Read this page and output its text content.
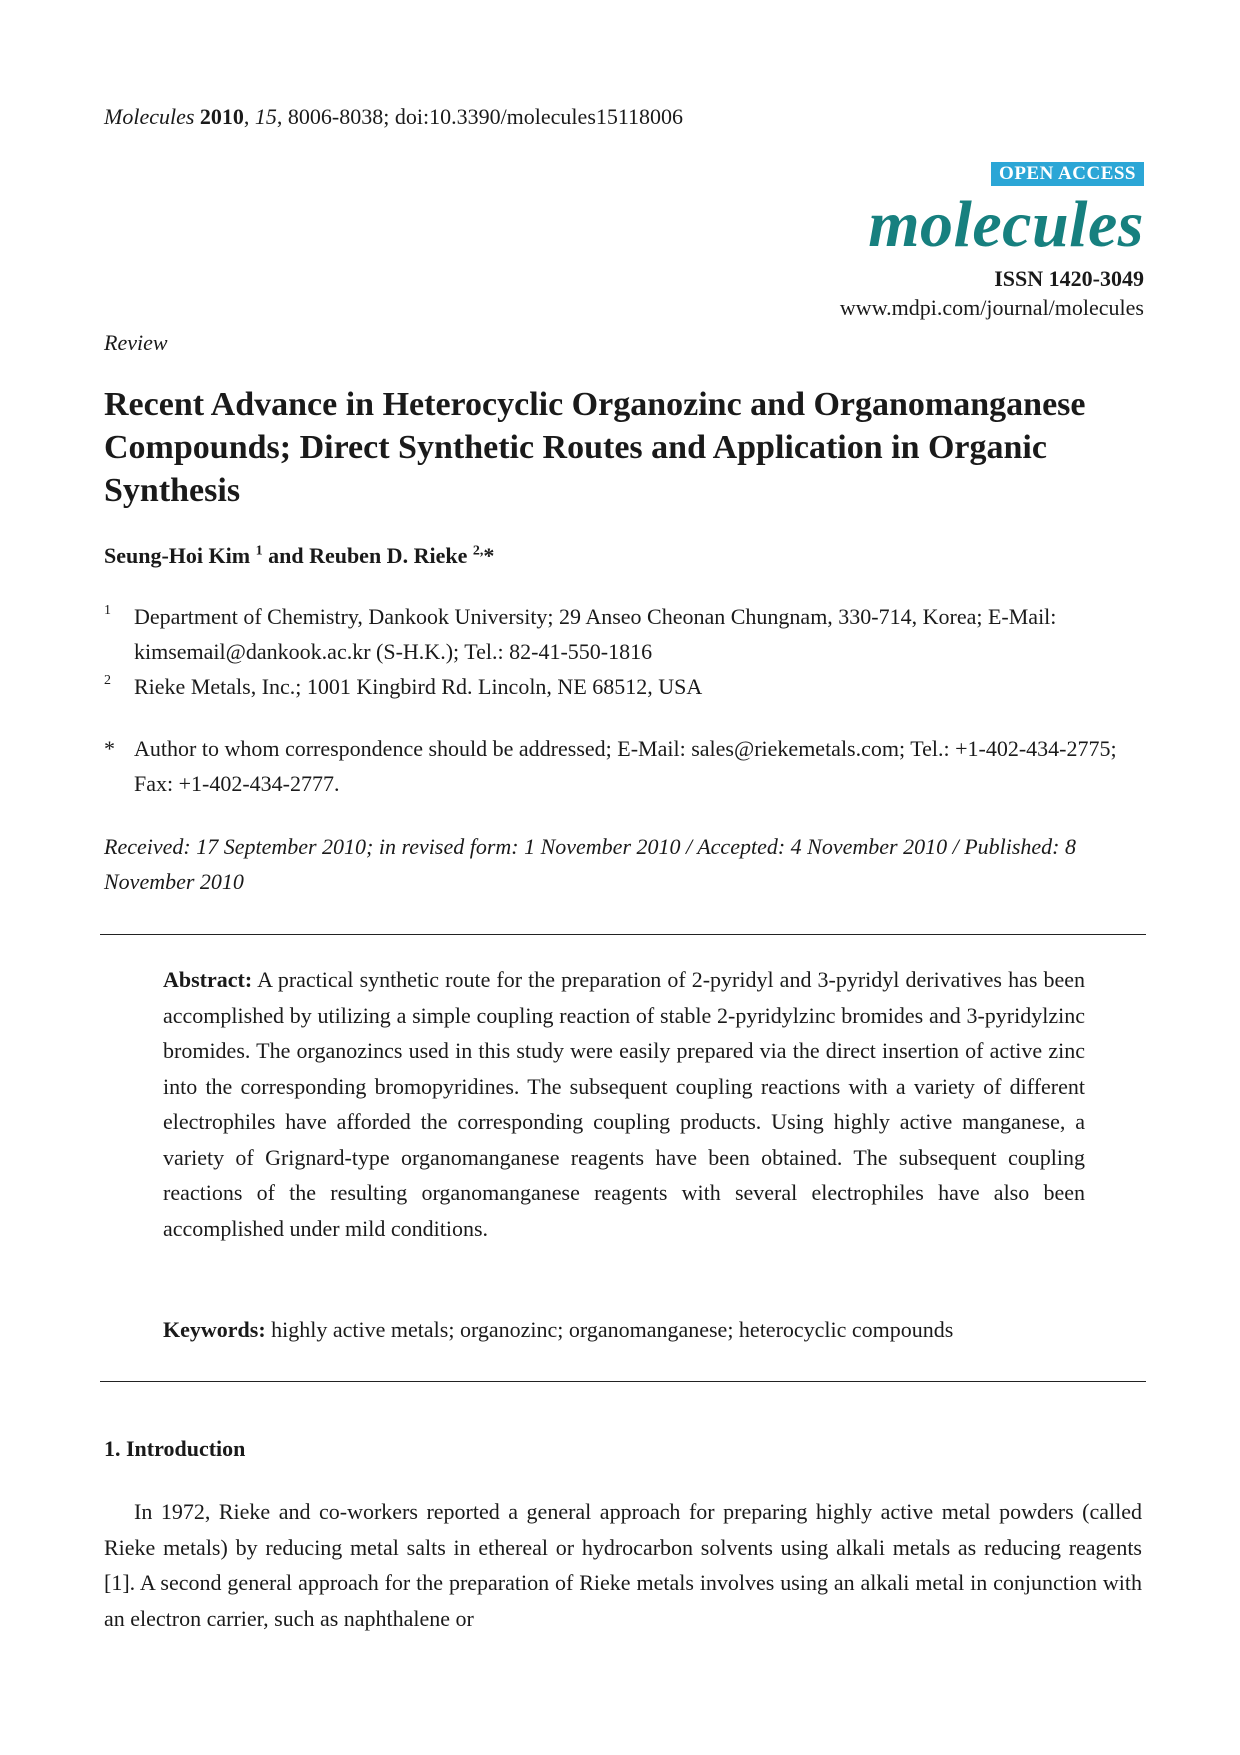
Molecules 2010, 15, 8006-8038; doi:10.3390/molecules15118006
OPEN ACCESS
molecules
ISSN 1420-3049
www.mdpi.com/journal/molecules
Review
Recent Advance in Heterocyclic Organozinc and Organomanganese Compounds; Direct Synthetic Routes and Application in Organic Synthesis
Seung-Hoi Kim $^1$ and Reuben D. Rieke $^{2,}$*
1 Department of Chemistry, Dankook University; 29 Anseo Cheonan Chungnam, 330-714, Korea; E-Mail: kimsemail@dankook.ac.kr (S-H.K.); Tel.: 82-41-550-1816
2 Rieke Metals, Inc.; 1001 Kingbird Rd. Lincoln, NE 68512, USA
* Author to whom correspondence should be addressed; E-Mail: sales@riekemetals.com; Tel.: +1-402-434-2775; Fax: +1-402-434-2777.
Received: 17 September 2010; in revised form: 1 November 2010 / Accepted: 4 November 2010 / Published: 8 November 2010

Abstract: A practical synthetic route for the preparation of 2-pyridyl and 3-pyridyl derivatives has been accomplished by utilizing a simple coupling reaction of stable 2-pyridylzinc bromides and 3-pyridylzinc bromides. The organozincs used in this study were easily prepared via the direct insertion of active zinc into the corresponding bromopyridines. The subsequent coupling reactions with a variety of different electrophiles have afforded the corresponding coupling products. Using highly active manganese, a variety of Grignard-type organomanganese reagents have been obtained. The subsequent coupling reactions of the resulting organomanganese reagents with several electrophiles have also been accomplished under mild conditions.

Keywords: highly active metals; organozinc; organomanganese; heterocyclic compounds
1. Introduction

In 1972, Rieke and co-workers reported a general approach for preparing highly active metal powders (called Rieke metals) by reducing metal salts in ethereal or hydrocarbon solvents using alkali metals as reducing reagents [1]. A second general approach for the preparation of Rieke metals involves using an alkali metal in conjunction with an electron carrier, such as naphthalene or
